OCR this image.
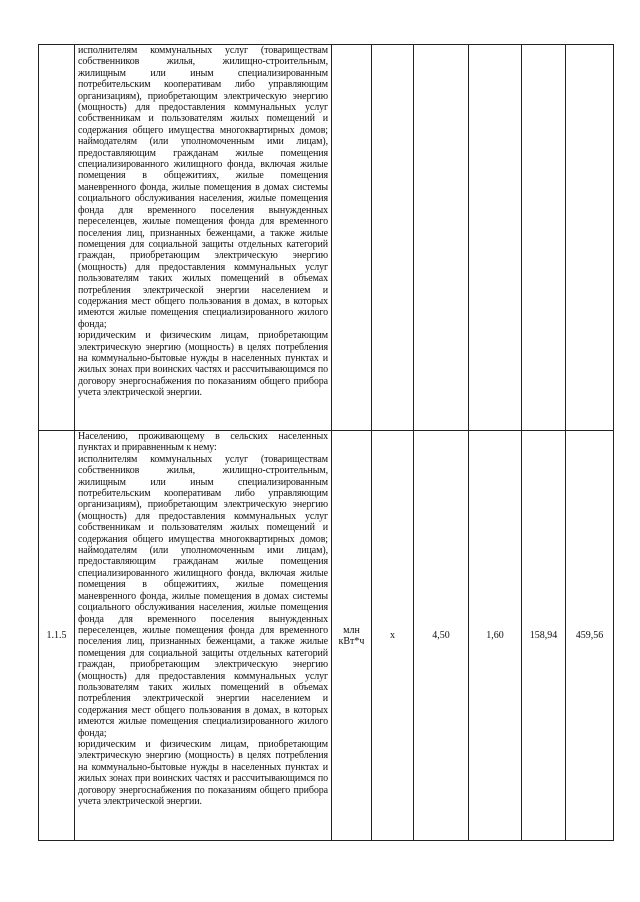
	исполнителям коммунальных услуг (товариществам собственников жилья, жилищно-строительным, жилищным или иным специализированным потребительским кооперативам либо управляющим организациям), приобретающим электрическую энергию (мощность) для предоставления коммунальных услуг собственникам и пользователям жилых помещений и содержания общего имущества многоквартирных домов; наймодателям (или уполномоченным ими лицам), предоставляющим гражданам жилые помещения специализированного жилищного фонда, включая жилые помещения в общежитиях, жилые помещения маневренного фонда, жилые помещения в домах системы социального обслуживания населения, жилые помещения фонда для временного поселения вынужденных переселенцев, жилые помещения фонда для временного поселения лиц, признанных беженцами, а также жилые помещения для социальной защиты отдельных категорий граждан, приобретающим электрическую энергию (мощность) для предоставления коммунальных услуг пользователям таких жилых помещений в объемах потребления электрической энергии населением и содержания мест общего пользования в домах, в которых имеются жилые помещения специализированного жилого фонда;
юридическим и физическим лицам, приобретающим электрическую энергию (мощность) в целях потребления на коммунально-бытовые нужды в населенных пунктах и жилых зонах при воинских частях и рассчитывающимся по договору энергоснабжения по показаниям общего прибора учета электрической энергии.						

1.1.5	Населению, проживающему в сельских населенных пунктах и приравненным к нему:
исполнителям коммунальных услуг (товариществам собственников жилья, жилищно-строительным, жилищным или иным специализированным потребительским кооперативам либо управляющим организациям), приобретающим электрическую энергию (мощность) для предоставления коммунальных услуг собственникам и пользователям жилых помещений и содержания общего имущества многоквартирных домов; наймодателям (или уполномоченным ими лицам), предоставляющим гражданам жилые помещения специализированного жилищного фонда, включая жилые помещения в общежитиях, жилые помещения маневренного фонда, жилые помещения в домах системы социального обслуживания населения, жилые помещения фонда для временного поселения вынужденных переселенцев, жилые помещения фонда для временного поселения лиц, признанных беженцами, а также жилые помещения для социальной защиты отдельных категорий граждан, приобретающим электрическую энергию (мощность) для предоставления коммунальных услуг пользователям таких жилых помещений в объемах потребления электрической энергии населением и содержания мест общего пользования в домах, в которых имеются жилые помещения специализированного жилого фонда;
юридическим и физическим лицам, приобретающим электрическую энергию (мощность) в целях потребления на коммунально-бытовые нужды в населенных пунктах и жилых зонах при воинских частях и рассчитывающимся по договору энергоснабжения по показаниям общего прибора учета электрической энергии.	млн кВт*ч	x	4,50	1,60	158,94	459,56
